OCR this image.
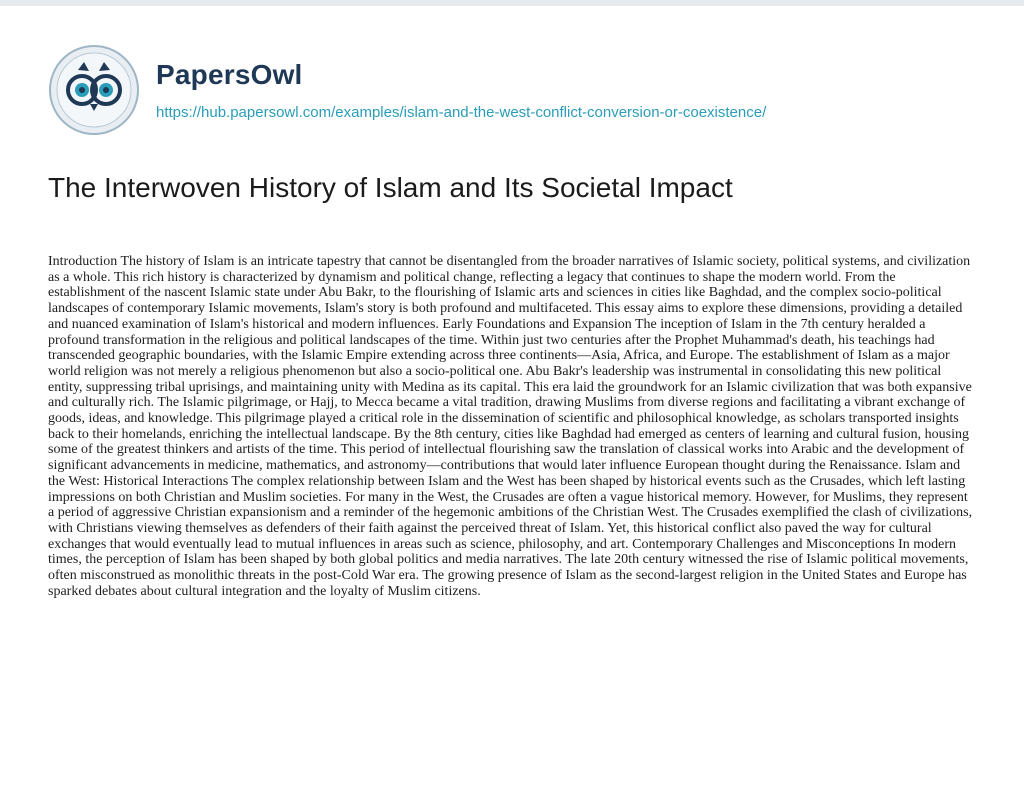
PapersOwl
https://hub.papersowl.com/examples/islam-and-the-west-conflict-conversion-or-coexistence/
The Interwoven History of Islam and Its Societal Impact

Introduction The history of Islam is an intricate tapestry that cannot be disentangled from the broader narratives of Islamic society, political systems, and civilization as a whole. This rich history is characterized by dynamism and political change, reflecting a legacy that continues to shape the modern world. From the establishment of the nascent Islamic state under Abu Bakr, to the flourishing of Islamic arts and sciences in cities like Baghdad, and the complex socio-political landscapes of contemporary Islamic movements, Islam's story is both profound and multifaceted. This essay aims to explore these dimensions, providing a detailed and nuanced examination of Islam's historical and modern influences. Early Foundations and Expansion The inception of Islam in the 7th century heralded a profound transformation in the religious and political landscapes of the time. Within just two centuries after the Prophet Muhammad's death, his teachings had transcended geographic boundaries, with the Islamic Empire extending across three continents—Asia, Africa, and Europe. The establishment of Islam as a major world religion was not merely a religious phenomenon but also a socio-political one. Abu Bakr's leadership was instrumental in consolidating this new political entity, suppressing tribal uprisings, and maintaining unity with Medina as its capital. This era laid the groundwork for an Islamic civilization that was both expansive and culturally rich. The Islamic pilgrimage, or Hajj, to Mecca became a vital tradition, drawing Muslims from diverse regions and facilitating a vibrant exchange of goods, ideas, and knowledge. This pilgrimage played a critical role in the dissemination of scientific and philosophical knowledge, as scholars transported insights back to their homelands, enriching the intellectual landscape. By the 8th century, cities like Baghdad had emerged as centers of learning and cultural fusion, housing some of the greatest thinkers and artists of the time. This period of intellectual flourishing saw the translation of classical works into Arabic and the development of significant advancements in medicine, mathematics, and astronomy—contributions that would later influence European thought during the Renaissance. Islam and the West: Historical Interactions The complex relationship between Islam and the West has been shaped by historical events such as the Crusades, which left lasting impressions on both Christian and Muslim societies. For many in the West, the Crusades are often a vague historical memory. However, for Muslims, they represent a period of aggressive Christian expansionism and a reminder of the hegemonic ambitions of the Christian West. The Crusades exemplified the clash of civilizations, with Christians viewing themselves as defenders of their faith against the perceived threat of Islam. Yet, this historical conflict also paved the way for cultural exchanges that would eventually lead to mutual influences in areas such as science, philosophy, and art. Contemporary Challenges and Misconceptions In modern times, the perception of Islam has been shaped by both global politics and media narratives. The late 20th century witnessed the rise of Islamic political movements, often misconstrued as monolithic threats in the post-Cold War era. The growing presence of Islam as the second-largest religion in the United States and Europe has sparked debates about cultural integration and the loyalty of Muslim citizens.
